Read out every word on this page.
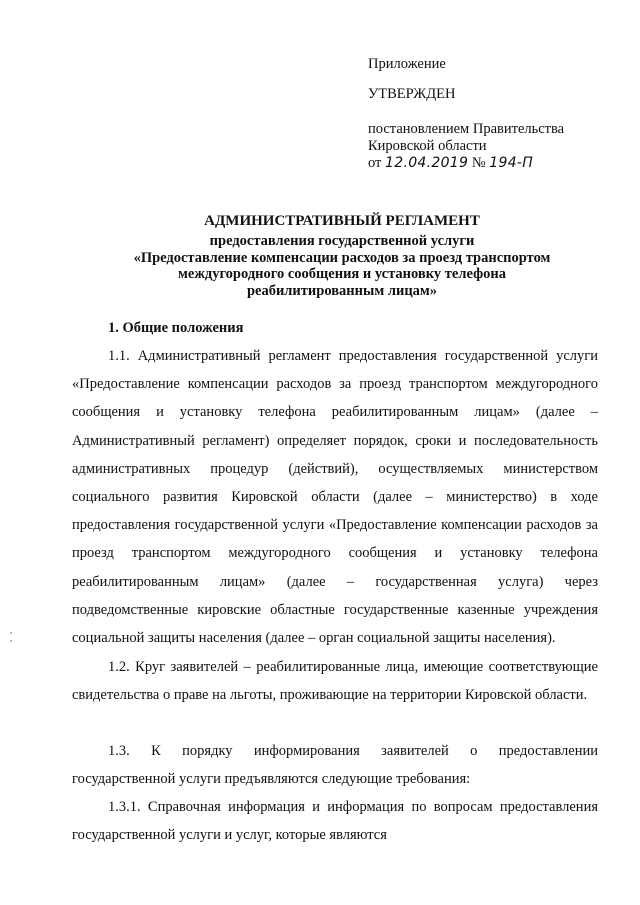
Приложение
УТВЕРЖДЕН
постановлением Правительства
Кировской области
от 12.04.2019 № 194-П
АДМИНИСТРАТИВНЫЙ РЕГЛАМЕНТ
предоставления государственной услуги
«Предоставление компенсации расходов за проезд транспортом
междугородного сообщения и установку телефона
реабилитированным лицам»
1. Общие положения

1.1. Административный регламент предоставления государственной услуги «Предоставление компенсации расходов за проезд транспортом междугородного сообщения и установку телефона реабилитированным лицам» (далее – Административный регламент) определяет порядок, сроки и последовательность административных процедур (действий), осуществляемых министерством социального развития Кировской области (далее – министерство) в ходе предоставления государственной услуги «Предоставление компенсации расходов за проезд транспортом междугородного сообщения и установку телефона реабилитированным лицам» (далее – государственная услуга) через подведомственные кировские областные государственные казенные учреждения социальной защиты населения (далее – орган социальной защиты населения).

1.2. Круг заявителей – реабилитированные лица, имеющие соответствующие свидетельства о праве на льготы, проживающие на территории Кировской области.

1.3. К порядку информирования заявителей о предоставлении государственной услуги предъявляются следующие требования:

1.3.1. Справочная информация и информация по вопросам предоставления государственной услуги и услуг, которые являются
